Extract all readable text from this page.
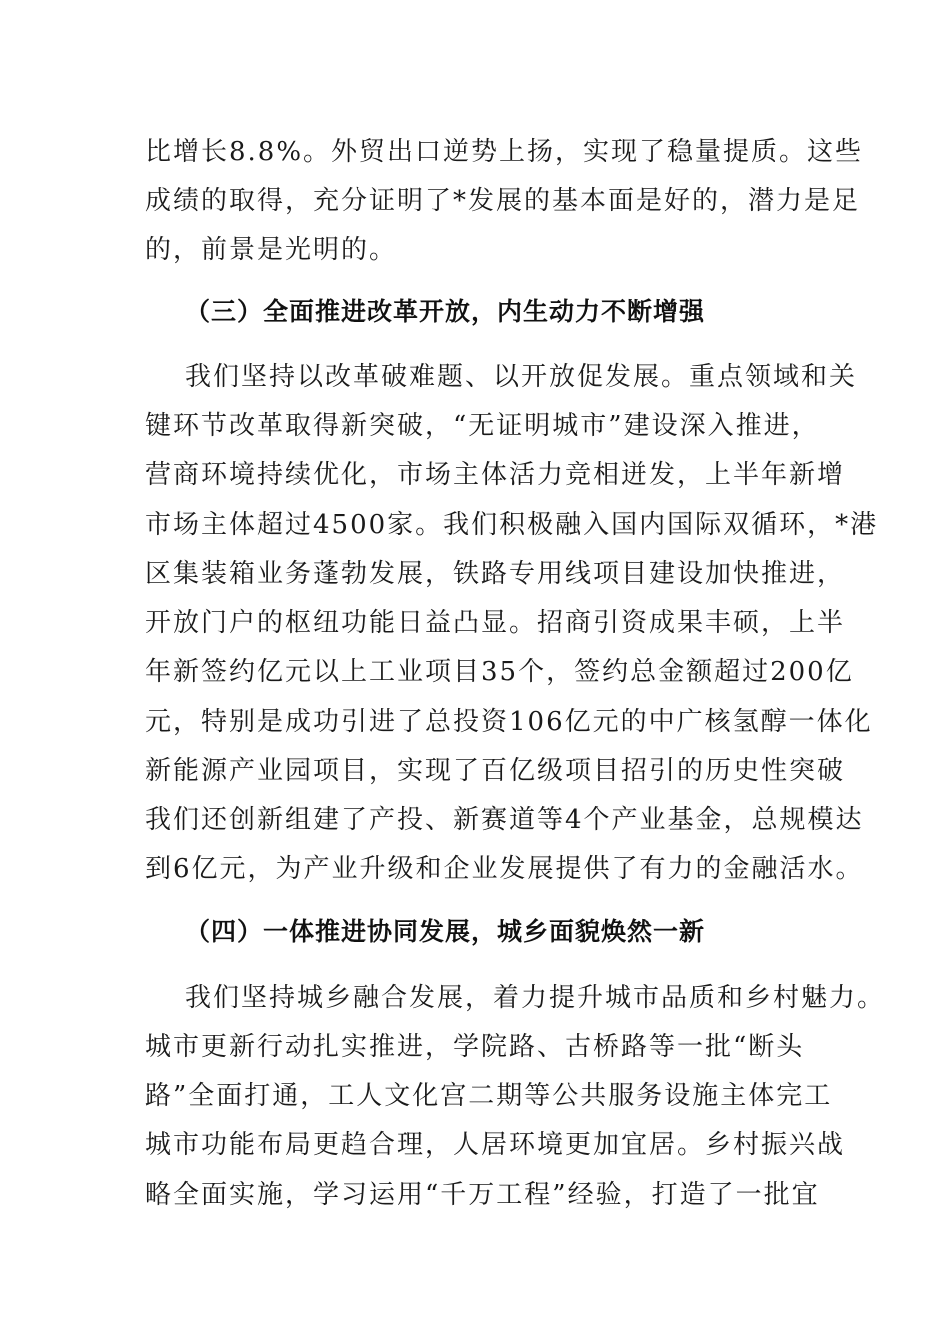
比增长8.8%。外贸出口逆势上扬，实现了稳量提质。这些
成绩的取得，充分证明了*发展的基本面是好的，潜力是足
的，前景是光明的。
（三）全面推进改革开放，内生动力不断增强
我们坚持以改革破难题、以开放促发展。重点领域和关
键环节改革取得新突破，“无证明城市”建设深入推进，
营商环境持续优化，市场主体活力竞相迸发，上半年新增
市场主体超过4500家。我们积极融入国内国际双循环，*港
区集装箱业务蓬勃发展，铁路专用线项目建设加快推进，
开放门户的枢纽功能日益凸显。招商引资成果丰硕，上半
年新签约亿元以上工业项目35个，签约总金额超过200亿
元，特别是成功引进了总投资106亿元的中广核氢醇一体化
新能源产业园项目，实现了百亿级项目招引的历史性突破
我们还创新组建了产投、新赛道等4个产业基金，总规模达
到6亿元，为产业升级和企业发展提供了有力的金融活水。
（四）一体推进协同发展，城乡面貌焕然一新
我们坚持城乡融合发展，着力提升城市品质和乡村魅力。
城市更新行动扎实推进，学院路、古桥路等一批“断头
路”全面打通，工人文化宫二期等公共服务设施主体完工
城市功能布局更趋合理，人居环境更加宜居。乡村振兴战
略全面实施，学习运用“千万工程”经验，打造了一批宜
